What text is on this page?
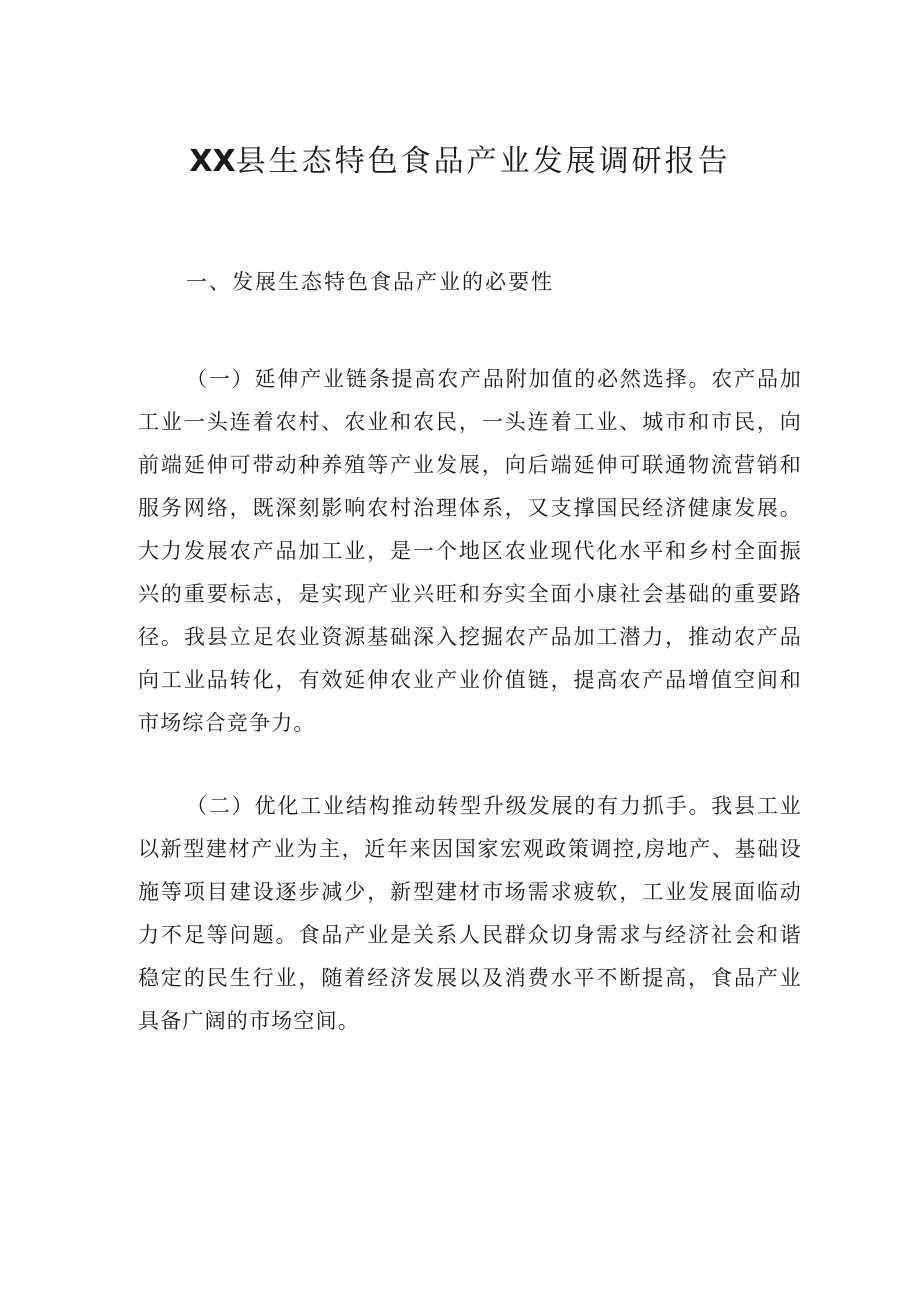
XX县生态特色食品产业发展调研报告

一、发展生态特色食品产业的必要性

（一）延伸产业链条提高农产品附加值的必然选择。农产品加工业一头连着农村、农业和农民，一头连着工业、城市和市民，向前端延伸可带动种养殖等产业发展，向后端延伸可联通物流营销和服务网络，既深刻影响农村治理体系，又支撑国民经济健康发展。大力发展农产品加工业，是一个地区农业现代化水平和乡村全面振兴的重要标志，是实现产业兴旺和夯实全面小康社会基础的重要路径。我县立足农业资源基础深入挖掘农产品加工潜力，推动农产品向工业品转化，有效延伸农业产业价值链，提高农产品增值空间和市场综合竞争力。

（二）优化工业结构推动转型升级发展的有力抓手。我县工业以新型建材产业为主，近年来因国家宏观政策调控,房地产、基础设施等项目建设逐步减少，新型建材市场需求疲软，工业发展面临动力不足等问题。食品产业是关系人民群众切身需求与经济社会和谐稳定的民生行业，随着经济发展以及消费水平不断提高，食品产业具备广阔的市场空间。
